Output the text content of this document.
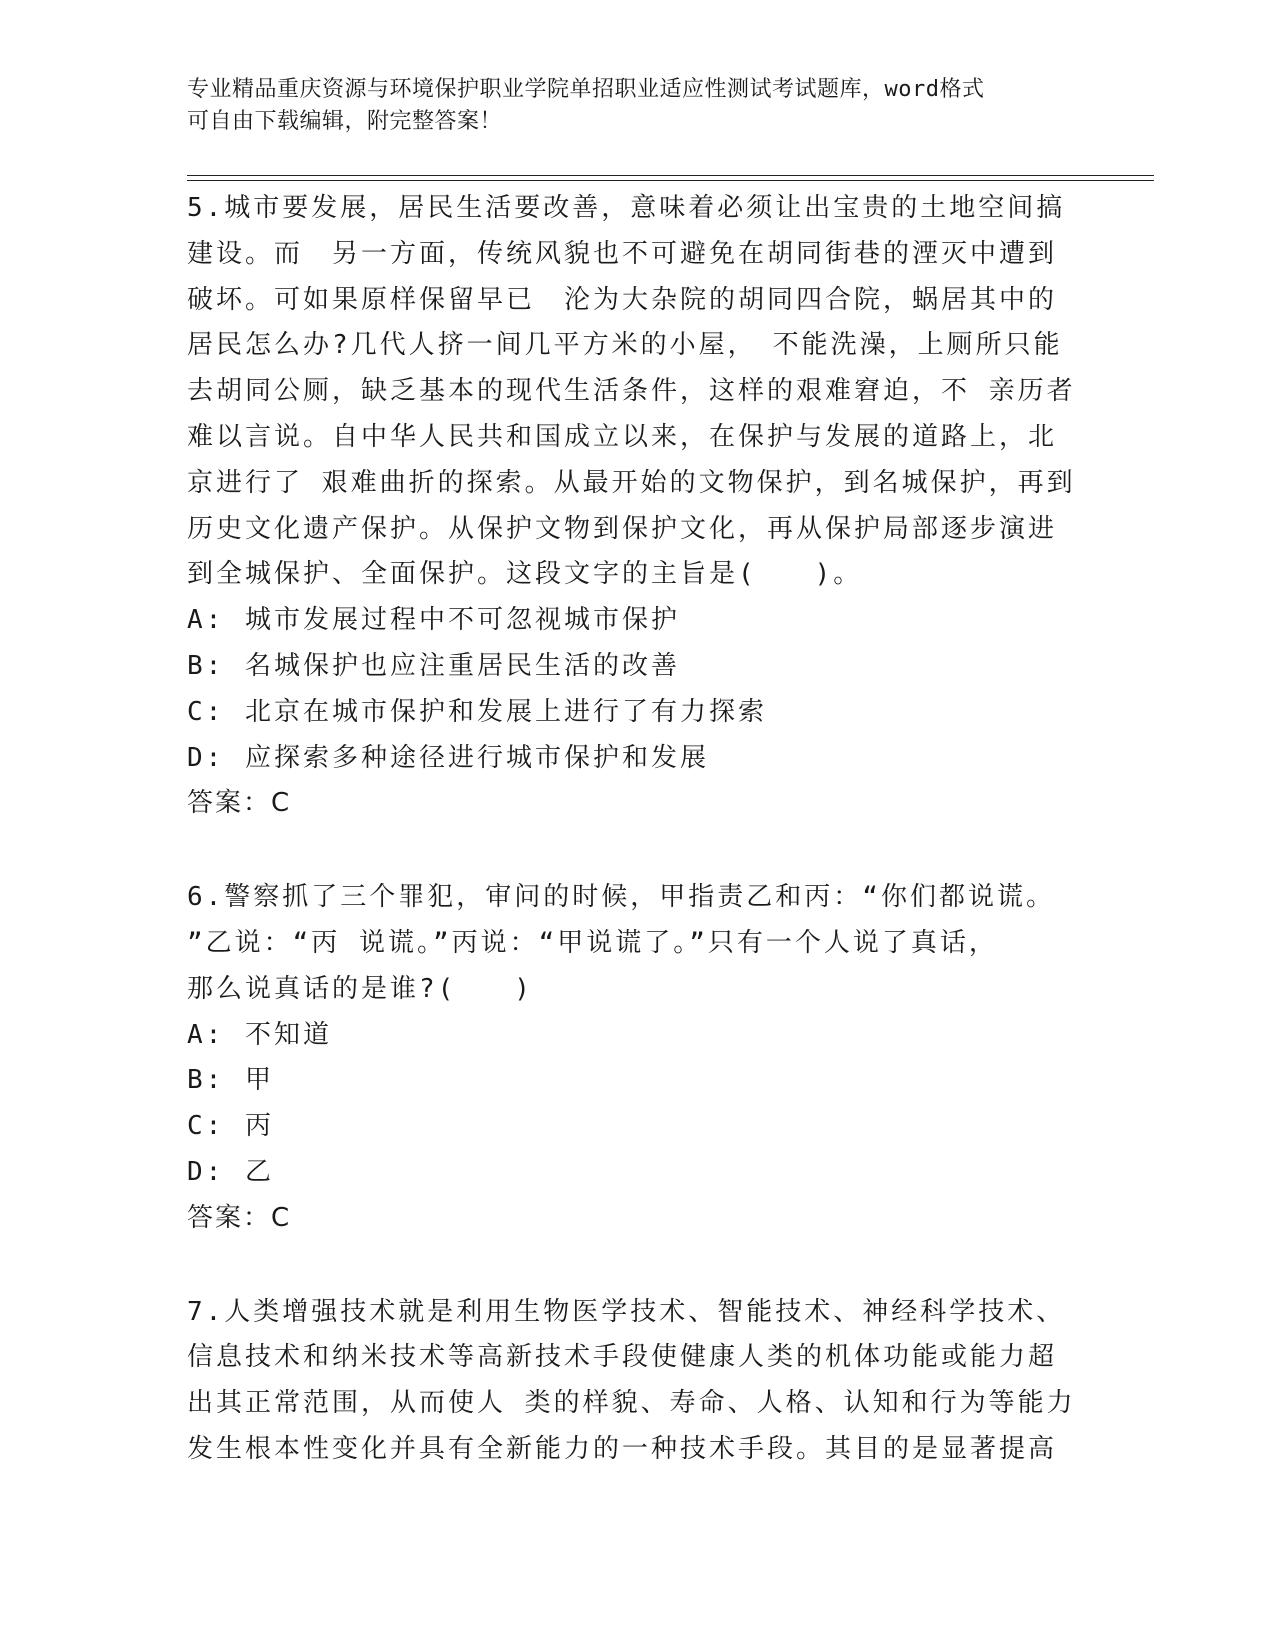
专业精品重庆资源与环境保护职业学院单招职业适应性测试考试题库，word格式
可自由下载编辑，附完整答案！
5.城市要发展，居民生活要改善，意味着必须让出宝贵的土地空间搞
建设。而　另一方面，传统风貌也不可避免在胡同街巷的湮灭中遭到
破坏。可如果原样保留早已　沦为大杂院的胡同四合院，蜗居其中的
居民怎么办?几代人挤一间几平方米的小屋，　不能洗澡，上厕所只能
去胡同公厕，缺乏基本的现代生活条件，这样的艰难窘迫，不 亲历者
难以言说。自中华人民共和国成立以来，在保护与发展的道路上，北
京进行了 艰难曲折的探索。从最开始的文物保护，到名城保护，再到
历史文化遗产保护。从保护文物到保护文化，再从保护局部逐步演进
到全城保护、全面保护。这段文字的主旨是(　　)。
A: 城市发展过程中不可忽视城市保护
B: 名城保护也应注重居民生活的改善
C: 北京在城市保护和发展上进行了有力探索
D: 应探索多种途径进行城市保护和发展
答案：C
6.警察抓了三个罪犯，审问的时候，甲指责乙和丙：“你们都说谎。
”乙说：“丙 说谎。”丙说：“甲说谎了。”只有一个人说了真话，
那么说真话的是谁?(　　)
A: 不知道
B: 甲
C: 丙
D: 乙
答案：C
7.人类增强技术就是利用生物医学技术、智能技术、神经科学技术、
信息技术和纳米技术等高新技术手段使健康人类的机体功能或能力超
出其正常范围，从而使人 类的样貌、寿命、人格、认知和行为等能力
发生根本性变化并具有全新能力的一种技术手段。其目的是显著提高
